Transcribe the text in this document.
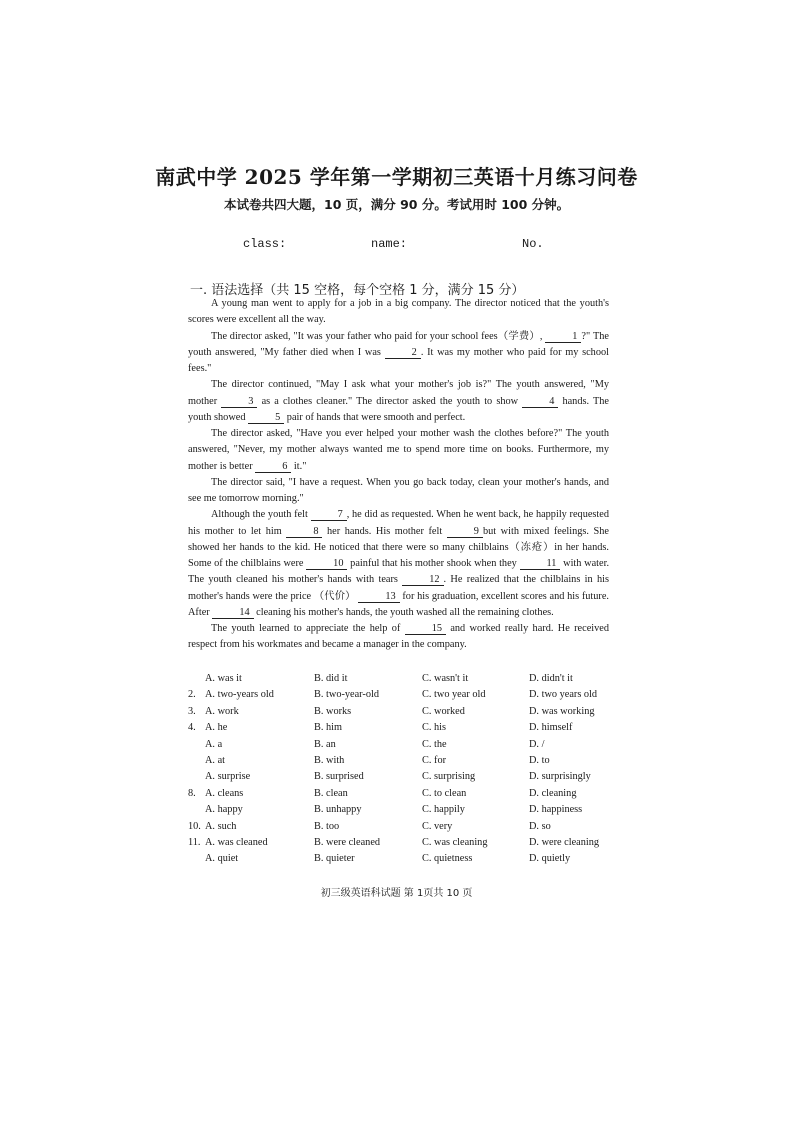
南武中学 2025 学年第一学期初三英语十月练习问卷
本试卷共四大题，10 页，满分 90 分。考试用时 100 分钟。
class:	name:	No.
一. 语法选择（共 15 空格，每个空格 1 分，满分 15 分）

A young man went to apply for a job in a big company. The director noticed that the youth's scores were excellent all the way.

The director asked, "It was your father who paid for your school fees（学费）,	1 ?" The youth answered, "My father died when I was	2 . It was my mother who paid for my school fees."

The director continued, "May I ask what your mother's job is?" The youth answered, "My mother	3 as a clothes cleaner." The director asked the youth to show	4 hands. The youth showed	5 pair of hands that were smooth and perfect.

The director asked, "Have you ever helped your mother wash the clothes before?" The youth answered, "Never, my mother always wanted me to spend more time on books. Furthermore, my mother is better	6 it."

The director said, "I have a request. When you go back today, clean your mother's hands, and see me tomorrow morning."

Although the youth felt	7 , he did as requested. When he went back, he happily requested his mother to let him	8 her hands. His mother felt	9 but with mixed feelings. She showed her hands to the kid. He noticed that there were so many chilblains（冻疮）in her hands. Some of the chilblains were	10 painful that his mother shook when they	11 with water. The youth cleaned his mother's hands with tears	12 . He realized that the chilblains in his mother's hands were the price （代价）	13 for his graduation, excellent scores and his future. After	14 cleaning his mother's hands, the youth washed all the remaining clothes.

The youth learned to appreciate the help of	15 and worked really hard. He received respect from his workmates and became a manager in the company.

A. was it	B. did it	C. wasn't it	D. didn't it
2. A. two-years old	B. two-year-old	C. two year old	D. two years old
3. A. work	B. works	C. worked	D. was working
4. A. he	B. him	C. his	D. himself
A. a	B. an	C. the	D. /
A. at	B. with	C. for	D. to
A. surprise	B. surprised	C. surprising	D. surprisingly
8. A. cleans	B. clean	C. to clean	D. cleaning
A. happy	B. unhappy	C. happily	D. happiness
10. A. such	B. too	C. very	D. so
11. A. was cleaned	B. were cleaned	C. was cleaning	D. were cleaning
A. quiet	B. quieter	C. quietness	D. quietly
初三级英语科试题 第 1页共 10 页
